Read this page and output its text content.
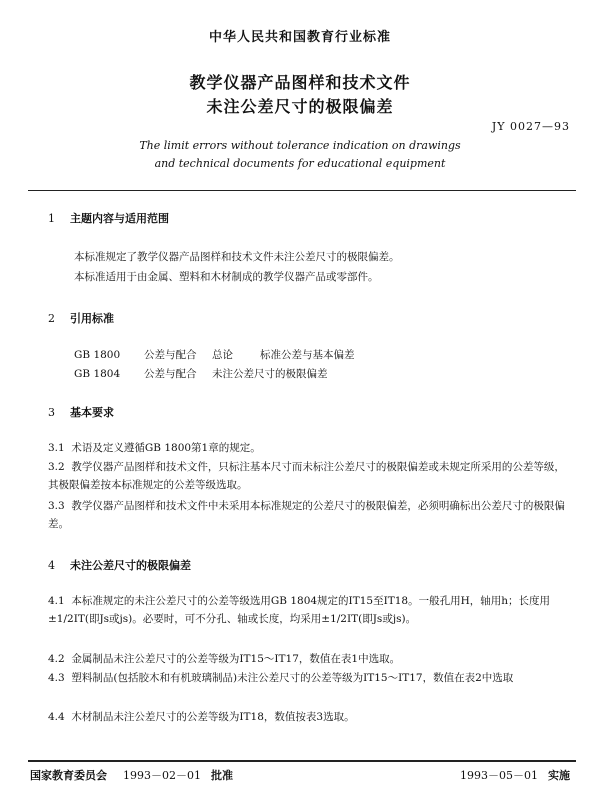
中华人民共和国教育行业标准
教学仪器产品图样和技术文件
未注公差尺寸的极限偏差
JY 0027—93
The limit errors without tolerance indication on drawings
and technical documents for educational equipment
1 主题内容与适用范围
本标准规定了教学仪器产品图样和技术文件未注公差尺寸的极限偏差。
本标准适用于由金属、塑料和木材制成的教学仪器产品或零部件。
2 引用标准
GB 1800 公差与配合 总论	标准公差与基本偏差
GB 1804 公差与配合 未注公差尺寸的极限偏差
3 基本要求
3.1 术语及定义遵循GB 1800第1章的规定。
3.2 教学仪器产品图样和技术文件，只标注基本尺寸而未标注公差尺寸的极限偏差或未规定所采用的公差等级，其极限偏差按本标准规定的公差等级选取。
3.3 教学仪器产品图样和技术文件中未采用本标准规定的公差尺寸的极限偏差，必须明确标出公差尺寸的极限偏差。
4 未注公差尺寸的极限偏差
4.1 本标准规定的未注公差尺寸的公差等级选用GB 1804规定的IT15至IT18。一般孔用H，轴用h；长度用±1/2IT(即Js或js)。必要时，可不分孔、轴或长度，均采用±1/2IT(即Js或js)。
4.2 金属制品未注公差尺寸的公差等级为IT15～IT17，数值在表1中选取。
4.3 塑料制品(包括胶木和有机玻璃制品)未注公差尺寸的公差等级为IT15～IT17，数值在表2中选取
4.4 木材制品未注公差尺寸的公差等级为IT18，数值按表3选取。
国家教育委员会 1993－02－01 批准	1993－05－01 实施
